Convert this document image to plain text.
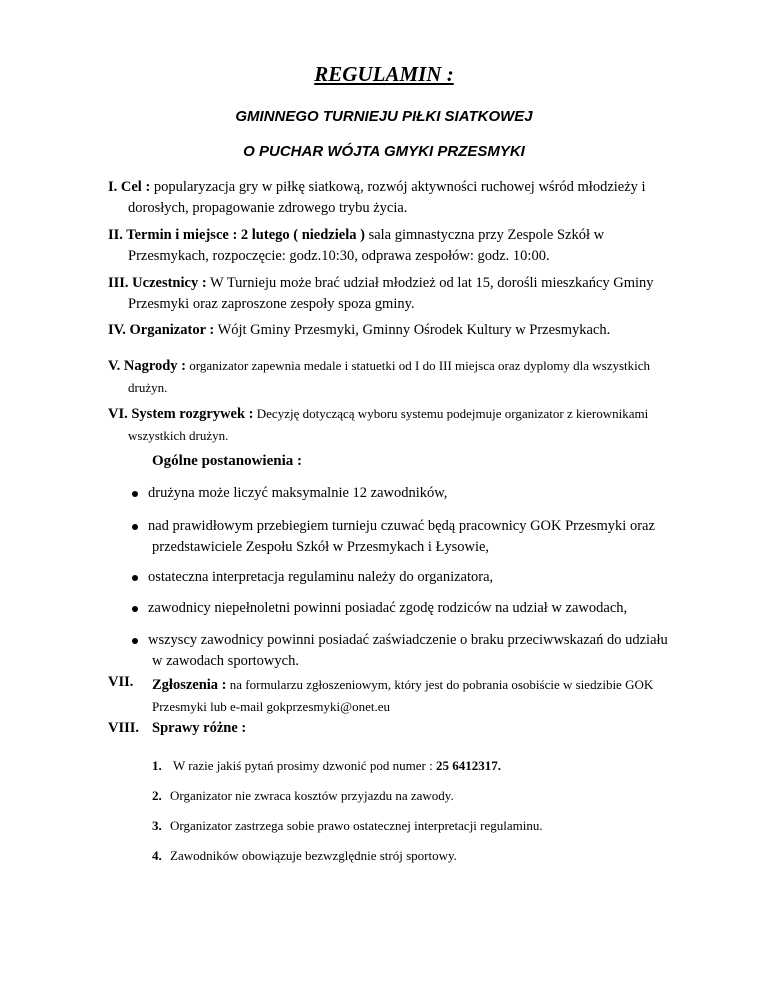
REGULAMIN :
GMINNEGO TURNIEJU PIŁKI SIATKOWEJ
O PUCHAR WÓJTA GMYKI PRZESMYKI
I. Cel : popularyzacja gry w piłkę siatkową, rozwój aktywności ruchowej wśród młodzieży i
dorosłych, propagowanie zdrowego trybu życia.
II. Termin i miejsce : 2 lutego ( niedziela ) sala gimnastyczna przy Zespole Szkół w
Przesmykach, rozpoczęcie: godz.10:30, odprawa zespołów: godz. 10:00.
III. Uczestnicy : W Turnieju może brać udział młodzież od lat 15, dorośli mieszkańcy Gminy
Przesmyki oraz zaproszone zespoły spoza gminy.
IV. Organizator : Wójt Gminy Przesmyki, Gminny Ośrodek Kultury w Przesmykach.
V. Nagrody : organizator zapewnia medale i statuetki od I do III miejsca oraz dyplomy dla wszystkich
drużyn.
VI. System rozgrywek : Decyzję dotyczącą wyboru systemu podejmuje organizator z kierownikami
wszystkich drużyn.
Ogólne postanowienia :
drużyna może liczyć maksymalnie 12 zawodników,
nad prawidłowym przebiegiem turnieju czuwać będą pracownicy GOK Przesmyki oraz
przedstawiciele Zespołu Szkół w Przesmykach i Łysowie,
ostateczna interpretacja regulaminu należy do organizatora,
zawodnicy niepełnoletni powinni posiadać zgodę rodziców na udział w zawodach,
wszyscy zawodnicy powinni posiadać zaświadczenie o braku przeciwwskazań do udziału
w zawodach sportowych.
VII. Zgłoszenia : na formularzu zgłoszeniowym, który jest do pobrania osobiście w siedzibie GOK
Przesmyki lub e-mail gokprzesmyki@onet.eu
VIII. Sprawy różne :
1. W razie jakiś pytań prosimy dzwonić pod numer : 25 6412317.
2. Organizator nie zwraca kosztów przyjazdu na zawody.
3. Organizator zastrzega sobie prawo ostatecznej interpretacji regulaminu.
4. Zawodników obowiązuje bezwzględnie strój sportowy.
